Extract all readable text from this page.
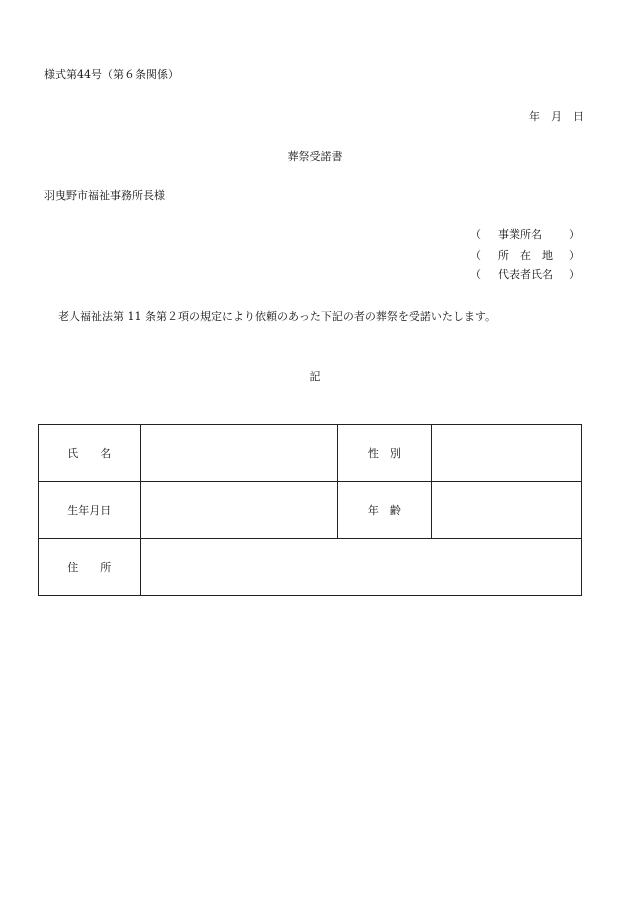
様式第44号（第６条関係）
年　月　日
葬祭受諾書
羽曳野市福祉事務所長様
（ 事業所名 ）
（ 所　在　地 ）
（ 代表者氏名 ）
老人福祉法第 11 条第２項の規定により依頼のあった下記の者の葬祭を受諾いたします。
記
氏　　名		性　別	
生年月日		年　齢	
住　　所			
